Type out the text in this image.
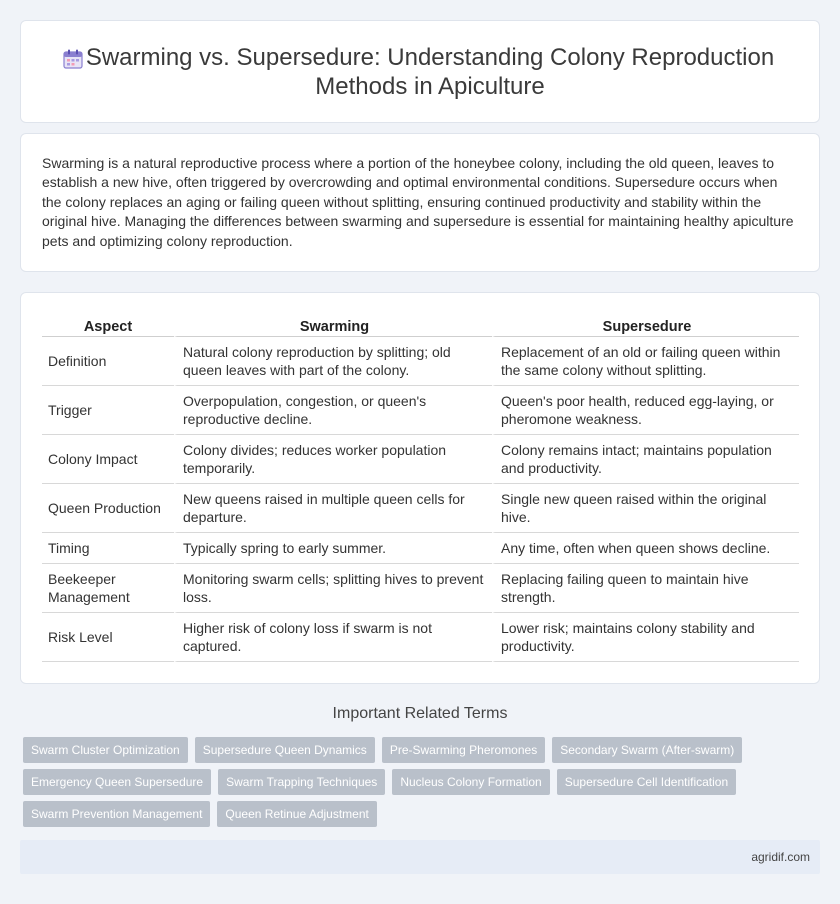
Swarming vs. Supersedure: Understanding Colony Reproduction Methods in Apiculture

Swarming is a natural reproductive process where a portion of the honeybee colony, including the old queen, leaves to establish a new hive, often triggered by overcrowding and optimal environmental conditions. Supersedure occurs when the colony replaces an aging or failing queen without splitting, ensuring continued productivity and stability within the original hive. Managing the differences between swarming and supersedure is essential for maintaining healthy apiculture pets and optimizing colony reproduction.

Aspect	Swarming	Supersedure
Definition	Natural colony reproduction by splitting; old queen leaves with part of the colony.	Replacement of an old or failing queen within the same colony without splitting.
Trigger	Overpopulation, congestion, or queen's reproductive decline.	Queen's poor health, reduced egg-laying, or pheromone weakness.
Colony Impact	Colony divides; reduces worker population temporarily.	Colony remains intact; maintains population and productivity.
Queen Production	New queens raised in multiple queen cells for departure.	Single new queen raised within the original hive.
Timing	Typically spring to early summer.	Any time, often when queen shows decline.
Beekeeper Management	Monitoring swarm cells; splitting hives to prevent loss.	Replacing failing queen to maintain hive strength.
Risk Level	Higher risk of colony loss if swarm is not captured.	Lower risk; maintains colony stability and productivity.
Important Related Terms
Swarm Cluster Optimization	Supersedure Queen Dynamics	Pre-Swarming Pheromones	Secondary Swarm (After-swarm)
Emergency Queen Supersedure	Swarm Trapping Techniques	Nucleus Colony Formation	Supersedure Cell Identification
Swarm Prevention Management	Queen Retinue Adjustment
agridif.com
